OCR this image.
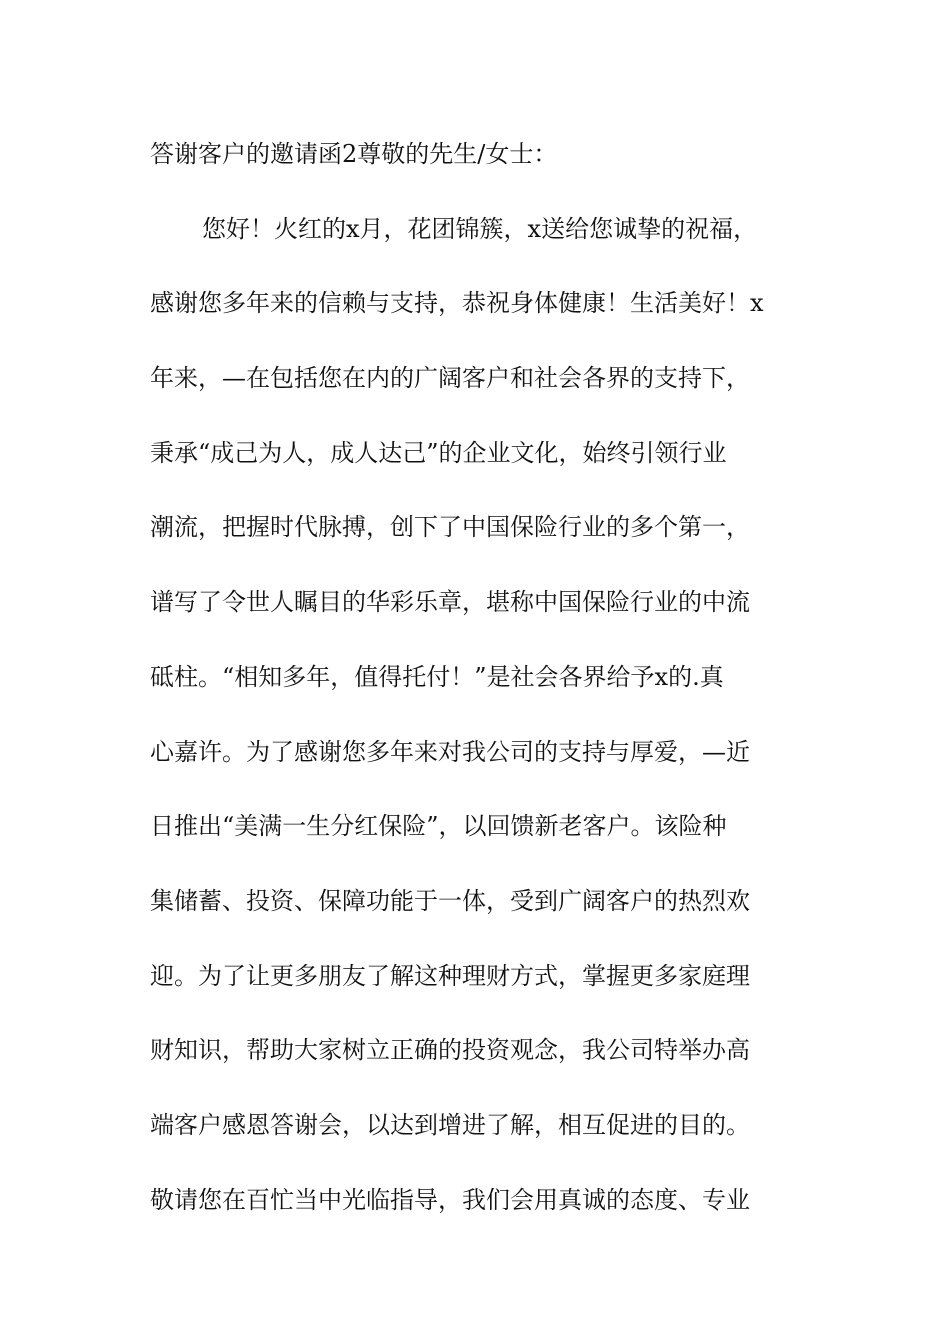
答谢客户的邀请函2尊敬的先生/女士：
您好！火红的x月，花团锦簇，x送给您诚挚的祝福，
感谢您多年来的信赖与支持，恭祝身体健康！生活美好！x
年来，—在包括您在内的广阔客户和社会各界的支持下，
秉承“成己为人，成人达己”的企业文化，始终引领行业
潮流，把握时代脉搏，创下了中国保险行业的多个第一，
谱写了令世人瞩目的华彩乐章，堪称中国保险行业的中流
砥柱。“相知多年，值得托付！”是社会各界给予x的.真
心嘉许。为了感谢您多年来对我公司的支持与厚爱，—近
日推出“美满一生分红保险”，以回馈新老客户。该险种
集储蓄、投资、保障功能于一体，受到广阔客户的热烈欢
迎。为了让更多朋友了解这种理财方式，掌握更多家庭理
财知识，帮助大家树立正确的投资观念，我公司特举办高
端客户感恩答谢会，以达到增进了解，相互促进的目的。
敬请您在百忙当中光临指导，我们会用真诚的态度、专业
